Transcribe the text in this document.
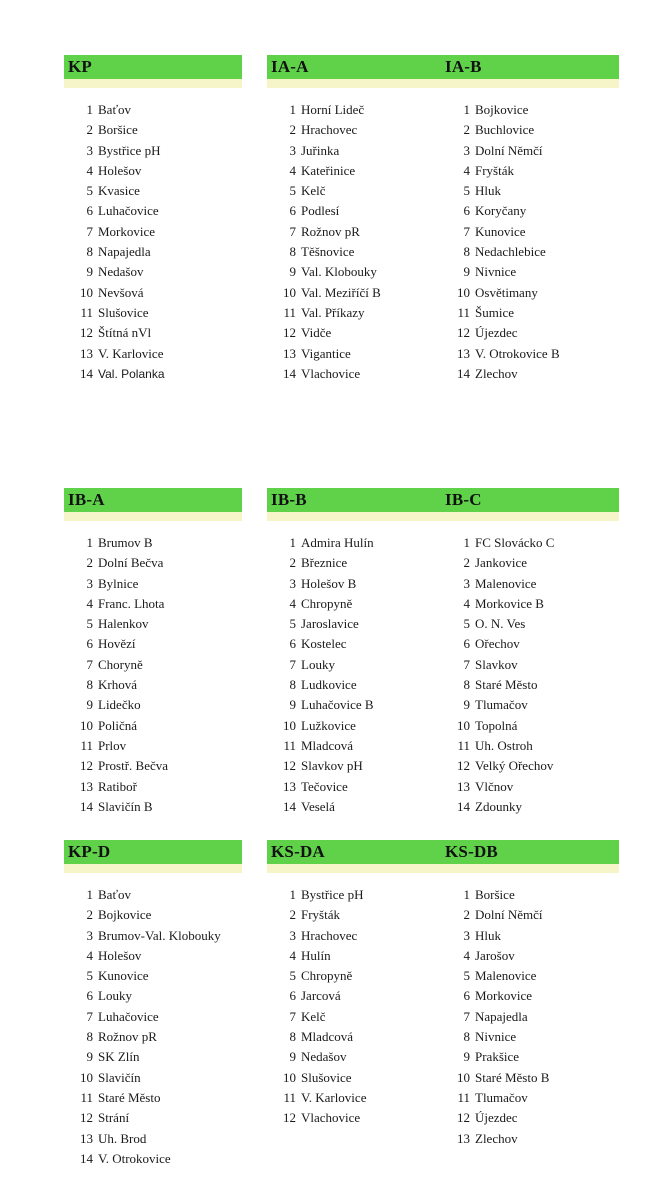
KP
1 Baťov
2 Boršice
3 Bystřice pH
4 Holešov
5 Kvasice
6 Luhačovice
7 Morkovice
8 Napajedla
9 Nedašov
10 Nevšová
11 Slušovice
12 Štítná nVl
13 V. Karlovice
14 Val. Polanka
IA-A
1 Horní Lideč
2 Hrachovec
3 Juřinka
4 Kateřinice
5 Kelč
6 Podlesí
7 Rožnov pR
8 Těšnovice
9 Val. Klobouky
10 Val. Meziříčí B
11 Val. Příkazy
12 Vidče
13 Vigantice
14 Vlachovice
IA-B
1 Bojkovice
2 Buchlovice
3 Dolní Němčí
4 Fryšták
5 Hluk
6 Koryčany
7 Kunovice
8 Nedachlebice
9 Nivnice
10 Osvětimany
11 Šumice
12 Újezdec
13 V. Otrokovice B
14 Zlechov
IB-A
1 Brumov B
2 Dolní Bečva
3 Bylnice
4 Franc. Lhota
5 Halenkov
6 Hovězí
7 Choryně
8 Krhová
9 Lidečko
10 Poličná
11 Prlov
12 Prostř. Bečva
13 Ratiboř
14 Slavičín B
IB-B
1 Admira Hulín
2 Březnice
3 Holešov B
4 Chropyně
5 Jaroslavice
6 Kostelec
7 Louky
8 Ludkovice
9 Luhačovice B
10 Lužkovice
11 Mladcová
12 Slavkov pH
13 Tečovice
14 Veselá
IB-C
1 FC Slovácko C
2 Jankovice
3 Malenovice
4 Morkovice B
5 O. N. Ves
6 Ořechov
7 Slavkov
8 Staré Město
9 Tlumačov
10 Topolná
11 Uh. Ostroh
12 Velký Ořechov
13 Vlčnov
14 Zdounky
KP-D
1 Baťov
2 Bojkovice
3 Brumov-Val. Klobouky
4 Holešov
5 Kunovice
6 Louky
7 Luhačovice
8 Rožnov pR
9 SK Zlín
10 Slavičín
11 Staré Město
12 Strání
13 Uh. Brod
14 V. Otrokovice
KS-DA
1 Bystřice pH
2 Fryšták
3 Hrachovec
4 Hulín
5 Chropyně
6 Jarcová
7 Kelč
8 Mladcová
9 Nedašov
10 Slušovice
11 V. Karlovice
12 Vlachovice
KS-DB
1 Boršice
2 Dolní Němčí
3 Hluk
4 Jarošov
5 Malenovice
6 Morkovice
7 Napajedla
8 Nivnice
9 Prakšice
10 Staré Město B
11 Tlumačov
12 Újezdec
13 Zlechov
